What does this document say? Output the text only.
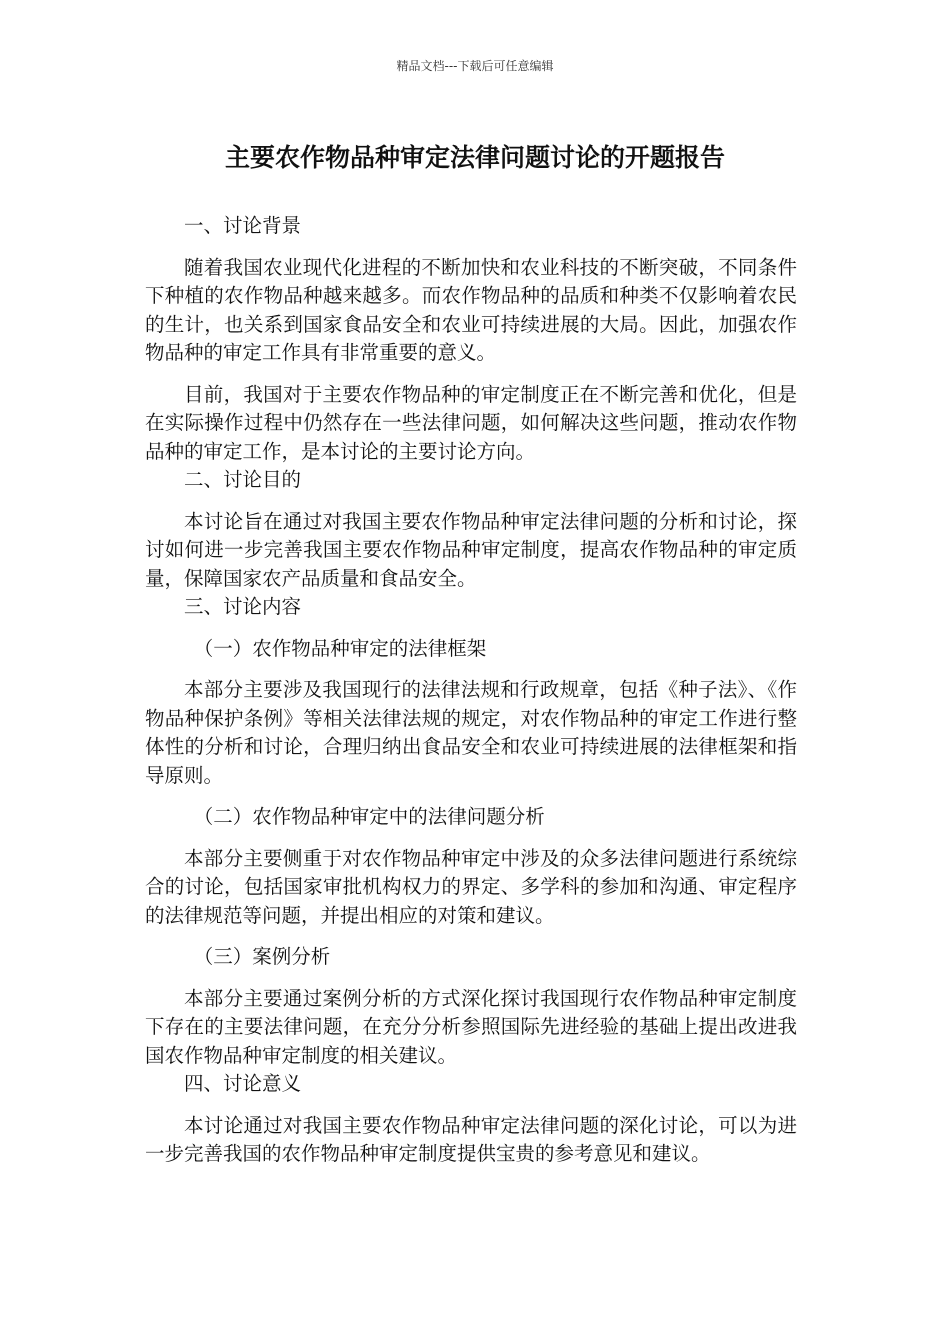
精品文档---下载后可任意编辑
主要农作物品种审定法律问题讨论的开题报告

一、讨论背景

随着我国农业现代化进程的不断加快和农业科技的不断突破，不同条件下种植的农作物品种越来越多。而农作物品种的品质和种类不仅影响着农民的生计，也关系到国家食品安全和农业可持续进展的大局。因此，加强农作物品种的审定工作具有非常重要的意义。

目前，我国对于主要农作物品种的审定制度正在不断完善和优化，但是在实际操作过程中仍然存在一些法律问题，如何解决这些问题，推动农作物品种的审定工作，是本讨论的主要讨论方向。

二、讨论目的

本讨论旨在通过对我国主要农作物品种审定法律问题的分析和讨论，探讨如何进一步完善我国主要农作物品种审定制度，提高农作物品种的审定质量，保障国家农产品质量和食品安全。

三、讨论内容

（一）农作物品种审定的法律框架

本部分主要涉及我国现行的法律法规和行政规章，包括《种子法》、《作物品种保护条例》等相关法律法规的规定，对农作物品种的审定工作进行整体性的分析和讨论，合理归纳出食品安全和农业可持续进展的法律框架和指导原则。

（二）农作物品种审定中的法律问题分析

本部分主要侧重于对农作物品种审定中涉及的众多法律问题进行系统综合的讨论，包括国家审批机构权力的界定、多学科的参加和沟通、审定程序的法律规范等问题，并提出相应的对策和建议。

（三）案例分析

本部分主要通过案例分析的方式深化探讨我国现行农作物品种审定制度下存在的主要法律问题，在充分分析参照国际先进经验的基础上提出改进我国农作物品种审定制度的相关建议。

四、讨论意义

本讨论通过对我国主要农作物品种审定法律问题的深化讨论，可以为进一步完善我国的农作物品种审定制度提供宝贵的参考意见和建议。
